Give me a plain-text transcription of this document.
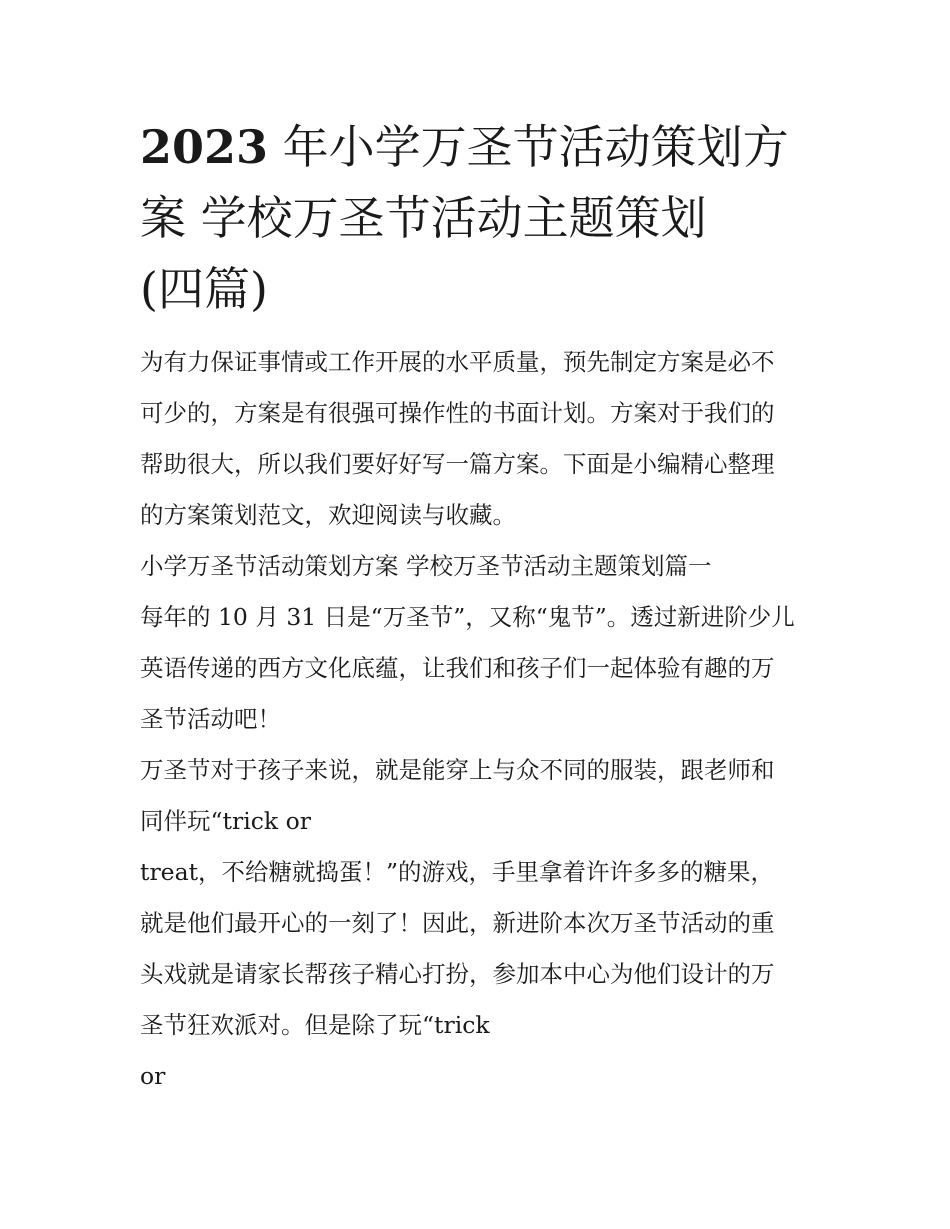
2023 年小学万圣节活动策划方
案 学校万圣节活动主题策划
(四篇)
为有力保证事情或工作开展的水平质量，预先制定方案是必不
可少的，方案是有很强可操作性的书面计划。方案对于我们的
帮助很大，所以我们要好好写一篇方案。下面是小编精心整理
的方案策划范文，欢迎阅读与收藏。
小学万圣节活动策划方案 学校万圣节活动主题策划篇一
每年的 10 月 31 日是“万圣节”，又称“鬼节”。透过新进阶少儿
英语传递的西方文化底蕴，让我们和孩子们一起体验有趣的万
圣节活动吧！
万圣节对于孩子来说，就是能穿上与众不同的服装，跟老师和
同伴玩“trick or
treat，不给糖就捣蛋！”的游戏，手里拿着许许多多的糖果，
就是他们最开心的一刻了！因此，新进阶本次万圣节活动的重
头戏就是请家长帮孩子精心打扮，参加本中心为他们设计的万
圣节狂欢派对。但是除了玩“trick
or
